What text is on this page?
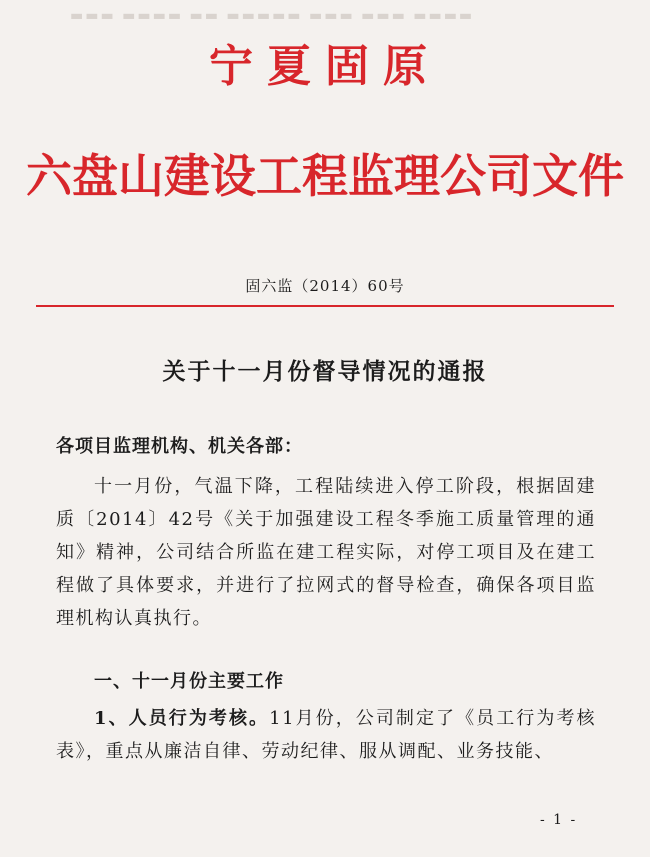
▬▬▬ ▬▬▬▬ ▬▬ ▬▬▬▬▬ ▬▬▬ ▬▬▬ ▬▬▬▬
宁夏固原
六盘山建设工程监理公司文件
固六监（2014）60号
关于十一月份督导情况的通报
各项目监理机构、机关各部：
十一月份，气温下降，工程陆续进入停工阶段，根据固建质〔2014〕42号《关于加强建设工程冬季施工质量管理的通知》精神，公司结合所监在建工程实际，对停工项目及在建工程做了具体要求，并进行了拉网式的督导检查，确保各项目监理机构认真执行。
一、十一月份主要工作
1、人员行为考核。11月份，公司制定了《员工行为考核表》，重点从廉洁自律、劳动纪律、服从调配、业务技能、
- 1 -
